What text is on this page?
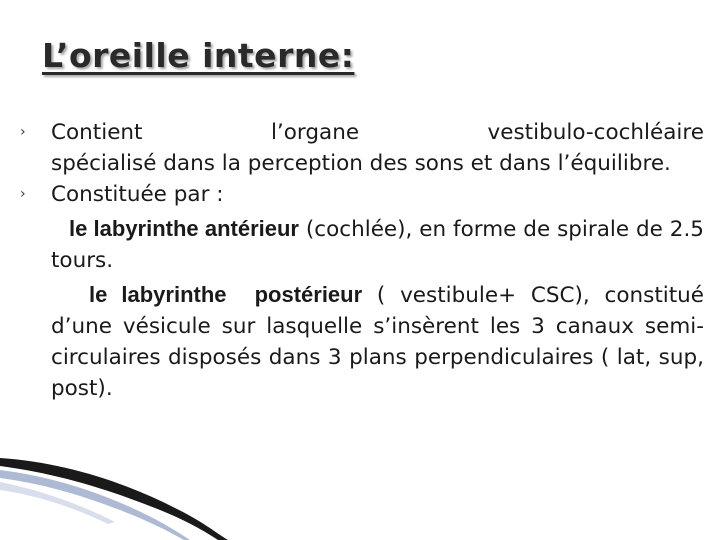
L’oreille interne:
› Contient l’organe vestibulo-cochléaire
spécialisé dans la perception des sons et dans l’équilibre.
› Constituée par :
le labyrinthe antérieur (cochlée), en forme de spirale de 2.5 tours.
le labyrinthe  postérieur ( vestibule+ CSC), constitué d’une vésicule sur lasquelle s’insèrent les 3 canaux semi-circulaires disposés dans 3 plans perpendiculaires ( lat, sup, post).
